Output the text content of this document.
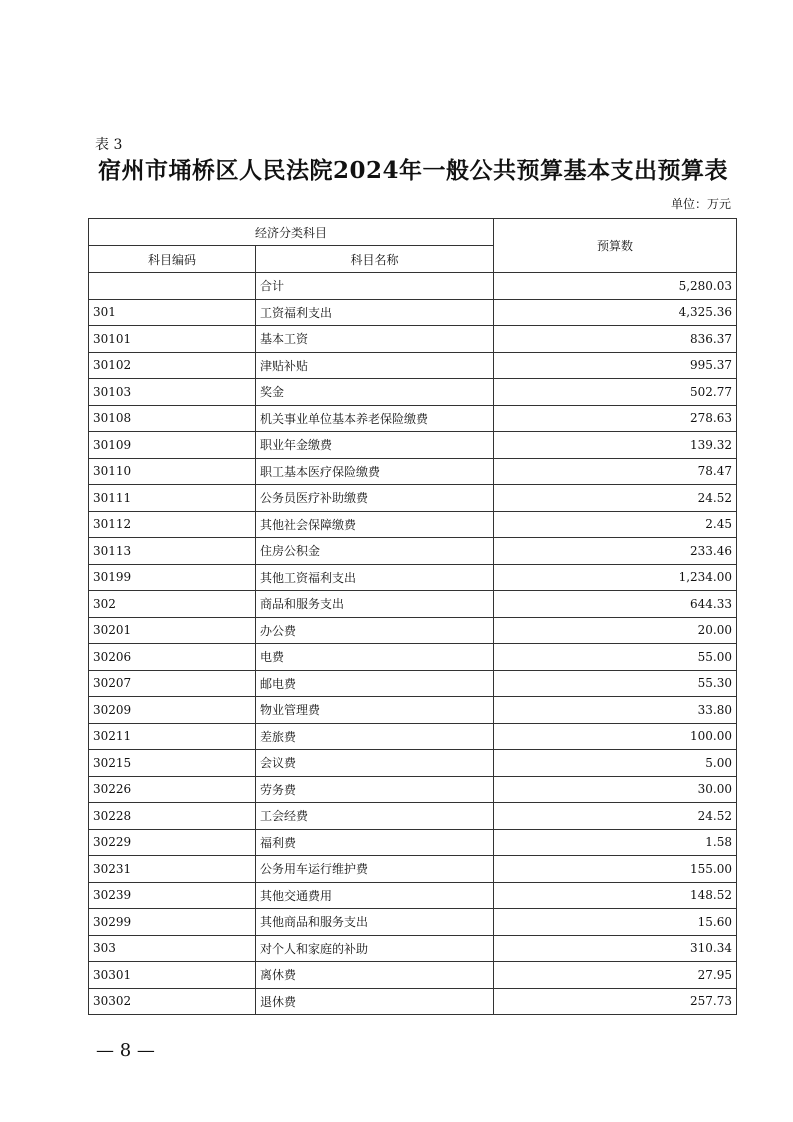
表 3
宿州市埇桥区人民法院2024年一般公共预算基本支出预算表
单位：万元
经济分类科目		预算数
科目编码	科目名称	
	合计	5,280.03
301	工资福利支出	4,325.36
30101	基本工资	836.37
30102	津贴补贴	995.37
30103	奖金	502.77
30108	机关事业单位基本养老保险缴费	278.63
30109	职业年金缴费	139.32
30110	职工基本医疗保险缴费	78.47
30111	公务员医疗补助缴费	24.52
30112	其他社会保障缴费	2.45
30113	住房公积金	233.46
30199	其他工资福利支出	1,234.00
302	商品和服务支出	644.33
30201	办公费	20.00
30206	电费	55.00
30207	邮电费	55.30
30209	物业管理费	33.80
30211	差旅费	100.00
30215	会议费	5.00
30226	劳务费	30.00
30228	工会经费	24.52
30229	福利费	1.58
30231	公务用车运行维护费	155.00
30239	其他交通费用	148.52
30299	其他商品和服务支出	15.60
303	对个人和家庭的补助	310.34
30301	离休费	27.95
30302	退休费	257.73
— 8 —
